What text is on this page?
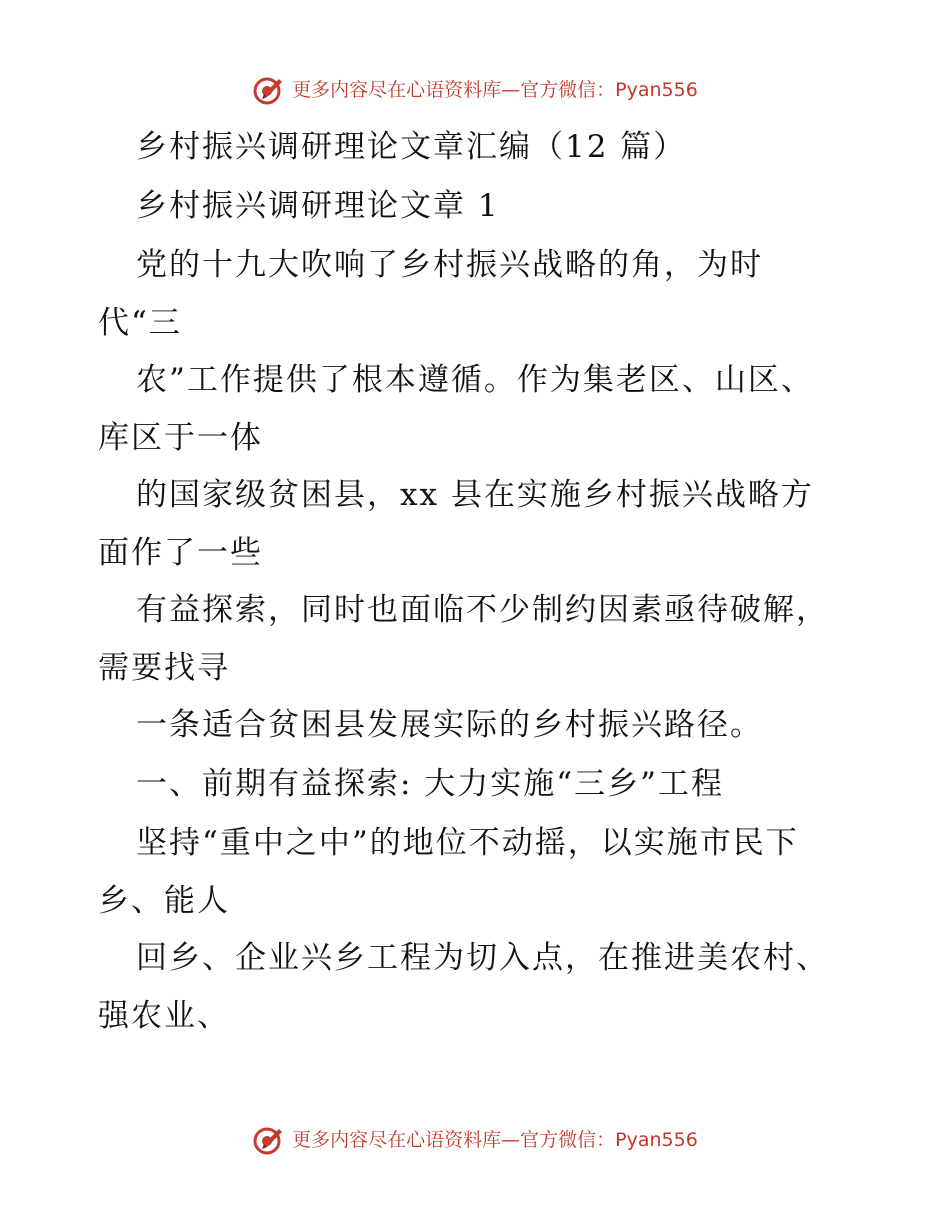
更多内容尽在心语资料库—官方微信：Pyan556
乡村振兴调研理论文章汇编（12 篇）
乡村振兴调研理论文章 1
党的十九大吹响了乡村振兴战略的角，为时
代“三
农”工作提供了根本遵循。作为集老区、山区、
库区于一体
的国家级贫困县，xx 县在实施乡村振兴战略方
面作了一些
有益探索，同时也面临不少制约因素亟待破解，
需要找寻
一条适合贫困县发展实际的乡村振兴路径。
一、前期有益探索: 大力实施“三乡”工程
坚持“重中之中”的地位不动摇，以实施市民下
乡、能人
回乡、企业兴乡工程为切入点，在推进美农村、
强农业、
更多内容尽在心语资料库—官方微信：Pyan556
